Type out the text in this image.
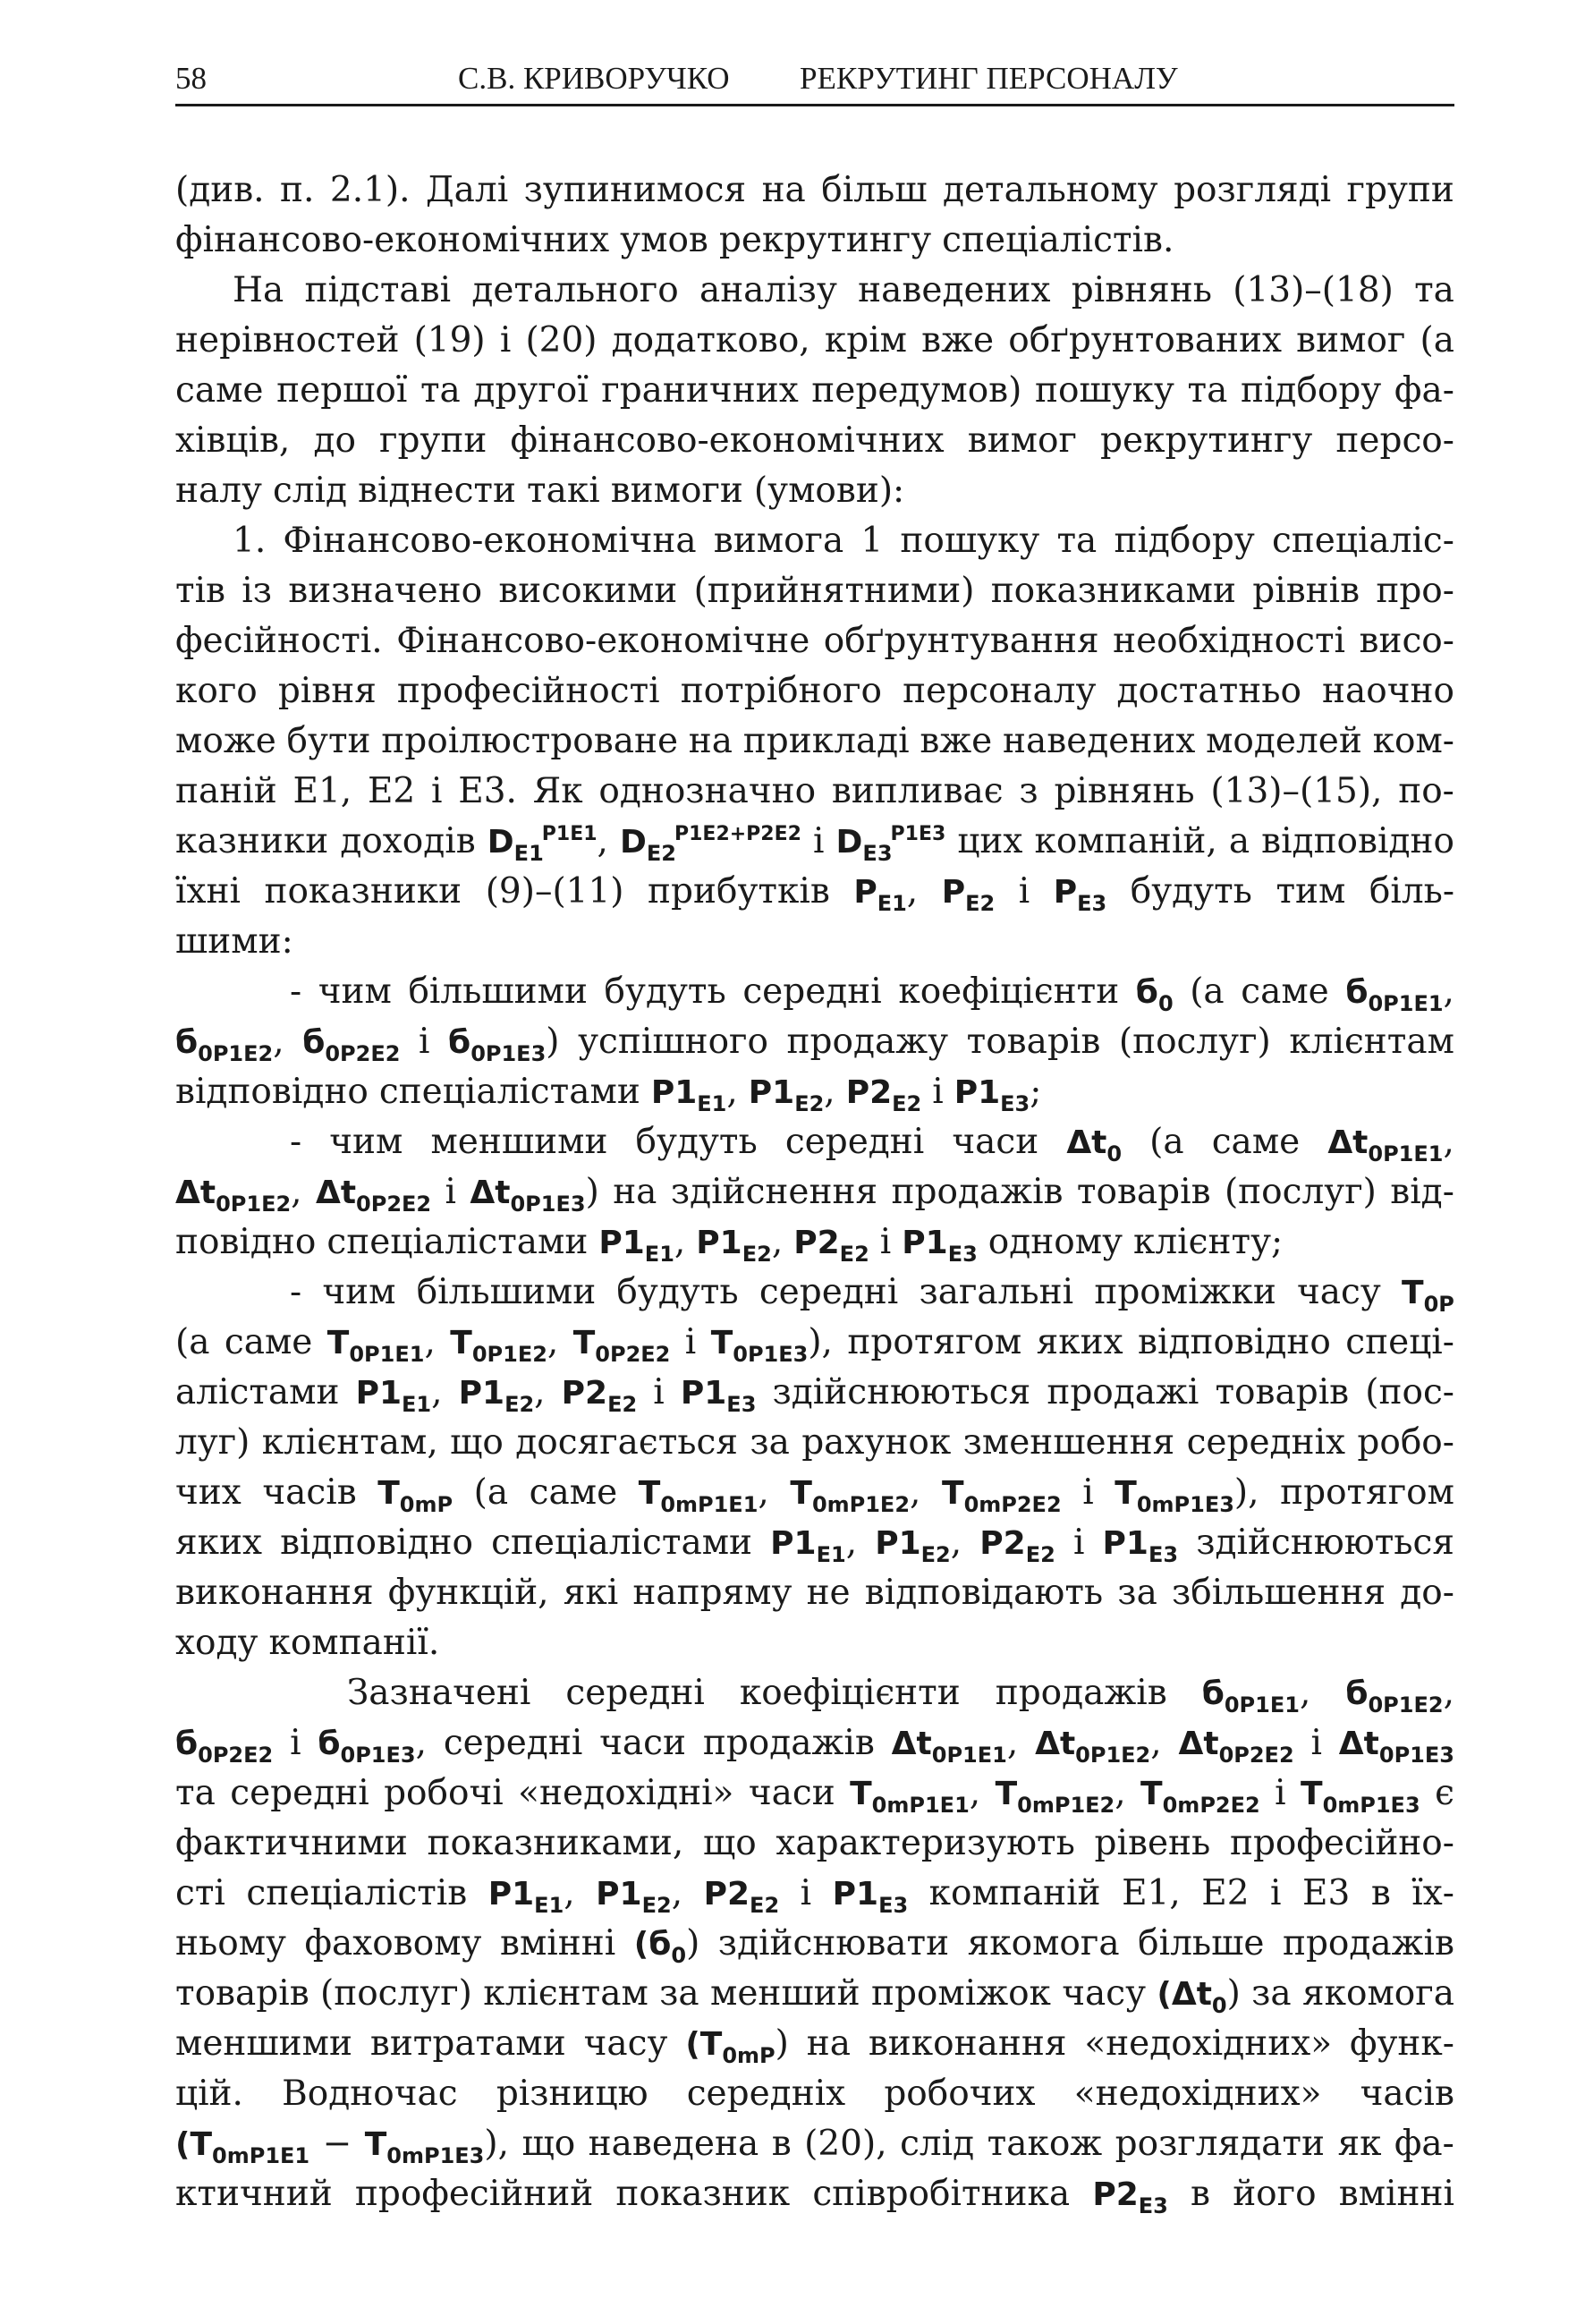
58	С.В. КРИВОРУЧКО РЕКРУТИНГ ПЕРСОНАЛУ
(див. п. 2.1). Далі зупинимося на більш детальному розгляді групи
фінансово-економічних умов рекрутингу спеціалістів.
На підставі детального аналізу наведених рівнянь (13)–(18) та
нерівностей (19) і (20) додатково, крім вже обґрунтованих вимог (а
саме першої та другої граничних передумов) пошуку та підбору фа-
хівців, до групи фінансово-економічних вимог рекрутингу персо-
налу слід віднести такі вимоги (умови):
1. Фінансово-економічна вимога 1 пошуку та підбору спеціаліс-
тів із визначено високими (прийнятними) показниками рівнів про-
фесійності. Фінансово-економічне обґрунтування необхідності висо-
кого рівня професійності потрібного персоналу достатньо наочно
може бути проілюстроване на прикладі вже наведених моделей ком-
паній E1, E2 і E3. Як однозначно випливає з рівнянь (13)–(15), по-
казники доходів $D_{E1}^{P1E1}$, $D_{E2}^{P1E2+P2E2}$ і $D_{E3}^{P1E3}$ цих компаній, а відповідно
їхні показники (9)–(11) прибутків $P_{E1}$, $P_{E2}$ і $P_{E3}$ будуть тим біль-
шими:
- чим більшими будуть середні коефіцієнти $б_0$ (а саме $б_{0P1E1}$,
$б_{0P1E2}$, $б_{0P2E2}$ і $б_{0P1E3}$) успішного продажу товарів (послуг) клієнтам
відповідно спеціалістами $P1_{E1}$, $P1_{E2}$, $P2_{E2}$ і $P1_{E3}$;
- чим меншими будуть середні часи $\Delta t_0$ (а саме $\Delta t_{0P1E1}$,
$\Delta t_{0P1E2}$, $\Delta t_{0P2E2}$ і $\Delta t_{0P1E3}$) на здійснення продажів товарів (послуг) від-
повідно спеціалістами $P1_{E1}$, $P1_{E2}$, $P2_{E2}$ і $P1_{E3}$ одному клієнту;
- чим більшими будуть середні загальні проміжки часу $T_{0P}$
(а саме $T_{0P1E1}$, $T_{0P1E2}$, $T_{0P2E2}$ і $T_{0P1E3}$), протягом яких відповідно спеці-
алістами $P1_{E1}$, $P1_{E2}$, $P2_{E2}$ і $P1_{E3}$ здійснюються продажі товарів (пос-
луг) клієнтам, що досягається за рахунок зменшення середніх робо-
чих часів $T_{0mP}$ (а саме $T_{0mP1E1}$, $T_{0mP1E2}$, $T_{0mP2E2}$ і $T_{0mP1E3}$), протягом
яких відповідно спеціалістами $P1_{E1}$, $P1_{E2}$, $P2_{E2}$ і $P1_{E3}$ здійснюються
виконання функцій, які напряму не відповідають за збільшення до-
ходу компанії.
Зазначені середні коефіцієнти продажів $б_{0P1E1}$, $б_{0P1E2}$,
$б_{0P2E2}$ і $б_{0P1E3}$, середні часи продажів $\Delta t_{0P1E1}$, $\Delta t_{0P1E2}$, $\Delta t_{0P2E2}$ і $\Delta t_{0P1E3}$
та середні робочі «недохідні» часи $T_{0mP1E1}$, $T_{0mP1E2}$, $T_{0mP2E2}$ і $T_{0mP1E3}$ є
фактичними показниками, що характеризують рівень професійно-
сті спеціалістів $P1_{E1}$, $P1_{E2}$, $P2_{E2}$ і $P1_{E3}$ компаній E1, E2 і E3 в їх-
ньому фаховому вмінні $(б_0)$ здійснювати якомога більше продажів
товарів (послуг) клієнтам за менший проміжок часу $(\Delta t_0)$ за якомога
меншими витратами часу $(T_{0mP})$ на виконання «недохідних» функ-
цій. Водночас різницю середніх робочих «недохідних» часів
$(T_{0mP1E1} - T_{0mP1E3})$, що наведена в (20), слід також розглядати як фа-
ктичний професійний показник співробітника $P2_{E3}$ в його вмінні
